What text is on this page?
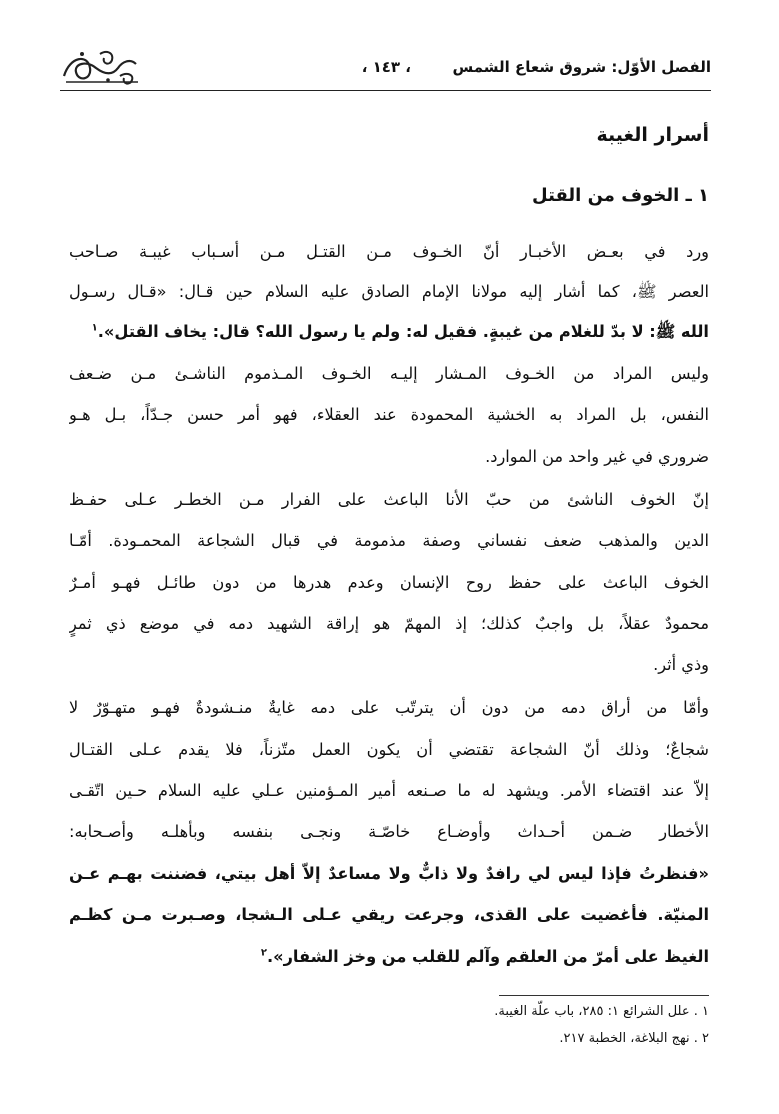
الفصل الأوّل: شروق شعاع الشمس
، ١٤٣ ،
أسرار الغيبة
١ ـ الخوف من القتل
ورد في بعـض الأخبـار أنّ الخـوف مـن القتـل مـن أسـباب غيبـة صـاحب
العصر ﷺ، كما أشار إليه مولانا الإمام الصادق عليه السلام حين قـال: «قـال رسـول
الله ﷺ: لا بدّ للغلام من غيبةٍ. فقيل له: ولم يا رسول الله؟ قال: يخاف القتل».$^١$
وليس المراد من الخـوف المـشار إليـه الخـوف المـذموم الناشـئ مـن ضـعف
النفس، بل المراد به الخشية المحمودة عند العقلاء، فهو أمر حسن جـدّاً، بـل هـو
ضروري في غير واحد من الموارد.
إنّ الخوف الناشئ من حبّ الأنا الباعث على الفرار مـن الخطـر عـلى حفـظ
الدين والمذهب ضعف نفساني وصفة مذمومة في قبال الشجاعة المحمـودة. أمّـا
الخوف الباعث على حفظ روح الإنسان وعدم هدرها من دون طائـل فهـو أمـرٌ
محمودٌ عقلاً، بل واجبٌ كذلك؛ إذ المهمّ هو إراقة الشهيد دمه في موضع ذي ثمرٍ
وذي أثر.
وأمّا من أراق دمه من دون أن يترتّب على دمه غايةٌ منـشودةٌ فهـو متهـوّرٌ لا
شجاعٌ؛ وذلك أنّ الشجاعة تقتضي أن يكون العمل متّزناً، فلا يقدم عـلى القتـال
إلاّ عند اقتضاء الأمر. ويشهد له ما صـنعه أمير المـؤمنين عـلي عليه السلام حـين اتّقـى
الأخطار ضـمن أحـداث وأوضـاع خاصّـة ونجـى بنفسه وبأهلـه وأصـحابه:
«فنظرتُ فإذا ليس لي رافدٌ ولا ذابٌّ ولا مساعدٌ إلاّ أهل بيتي، فضننت بهـم عـن
المنيّة. فأغضيت على القذى، وجرعت ريقي عـلى الـشجا، وصـبرت مـن كظـم
الغيظ على أمرّ من العلقم وآلم للقلب من وخز الشفار».$^٢$
١ . علل الشرائع ١: ٢٨٥، باب علّة الغيبة.
٢ . نهج البلاغة، الخطبة ٢١٧.
